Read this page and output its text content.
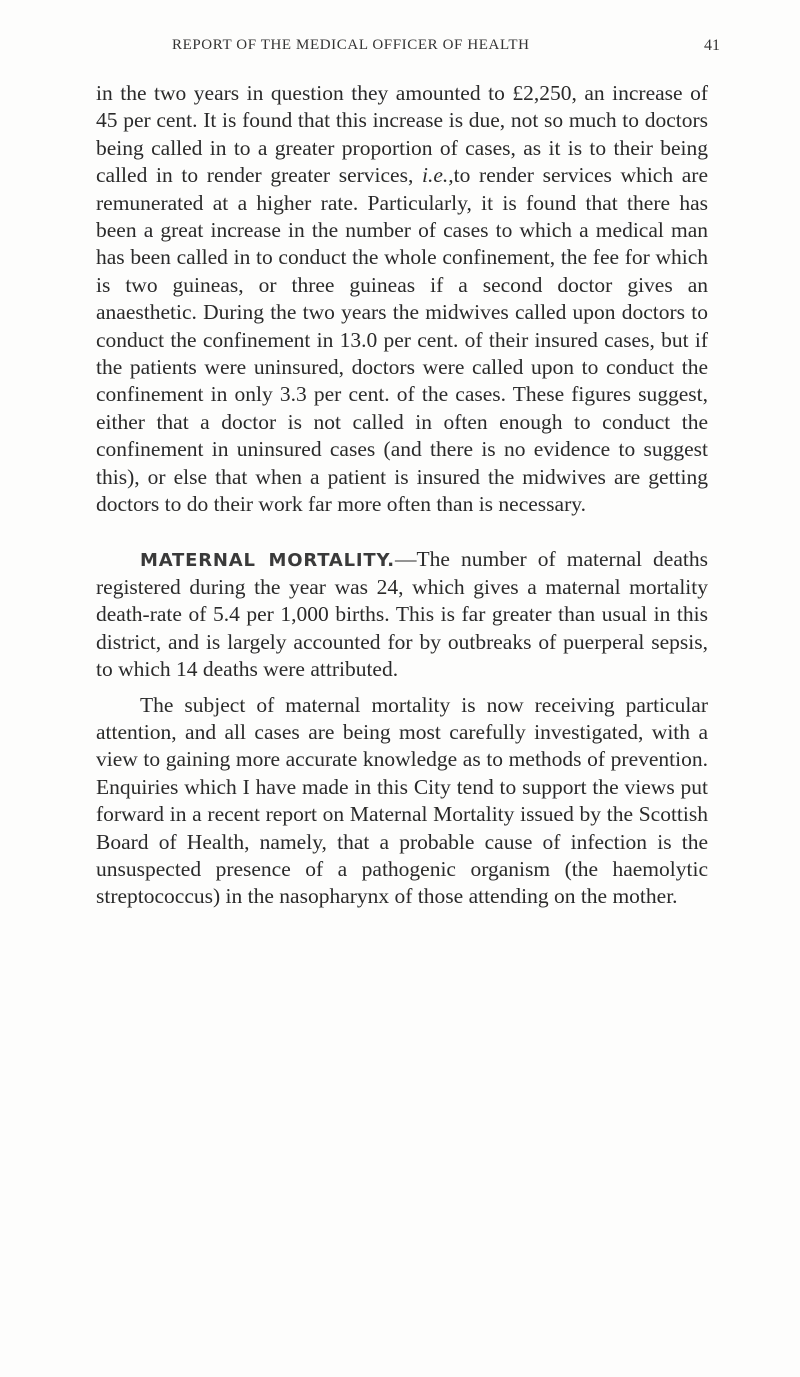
REPORT OF THE MEDICAL OFFICER OF HEALTH	41

in the two years in question they amounted to £2,250, an increase of 45 per cent. It is found that this increase is due, not so much to doctors being called in to a greater proportion of cases, as it is to their being called in to render greater services, i.e.,to render services which are remunerated at a higher rate. Particularly, it is found that there has been a great increase in the number of cases to which a medical man has been called in to conduct the whole confinement, the fee for which is two guineas, or three guineas if a second doctor gives an anaesthetic. During the two years the midwives called upon doctors to conduct the confinement in 13.0 per cent. of their insured cases, but if the patients were uninsured, doctors were called upon to conduct the confinement in only 3.3 per cent. of the cases. These figures suggest, either that a doctor is not called in often enough to conduct the confinement in uninsured cases (and there is no evidence to suggest this), or else that when a patient is insured the midwives are getting doctors to do their work far more often than is necessary.

MATERNAL MORTALITY.—The number of maternal deaths registered during the year was 24, which gives a maternal mortality death-rate of 5.4 per 1,000 births. This is far greater than usual in this district, and is largely accounted for by outbreaks of puerperal sepsis, to which 14 deaths were attributed.

The subject of maternal mortality is now receiving particular attention, and all cases are being most carefully investigated, with a view to gaining more accurate knowledge as to methods of prevention. Enquiries which I have made in this City tend to support the views put forward in a recent report on Maternal Mortality issued by the Scottish Board of Health, namely, that a probable cause of infection is the unsuspected presence of a pathogenic organism (the haemolytic streptococcus) in the nasopharynx of those attending on the mother.
